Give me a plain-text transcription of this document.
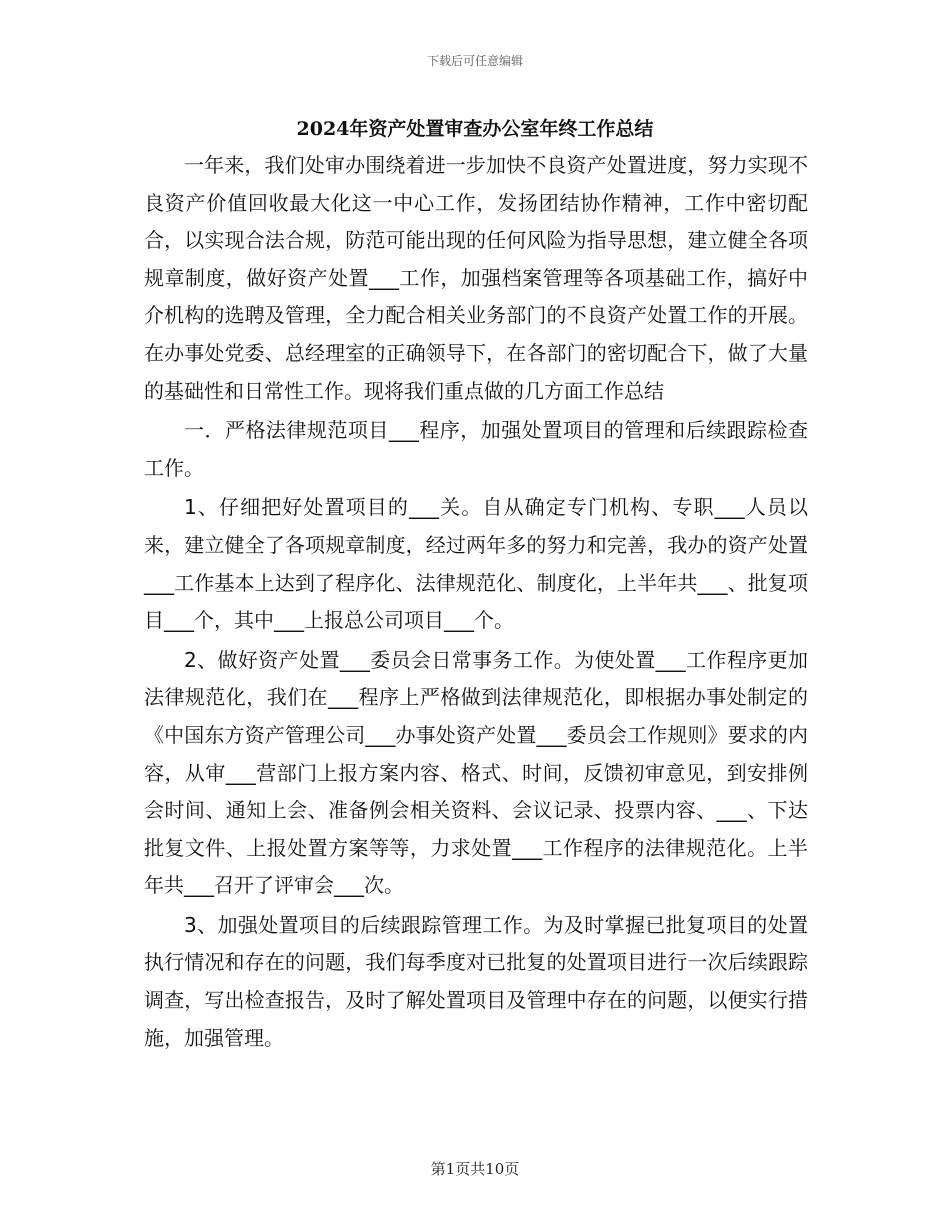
下载后可任意编辑
2024年资产处置审查办公室年终工作总结

一年来，我们处审办围绕着进一步加快不良资产处置进度，努力实现不良资产价值回收最大化这一中心工作，发扬团结协作精神，工作中密切配合，以实现合法合规，防范可能出现的任何风险为指导思想，建立健全各项规章制度，做好资产处置___工作，加强档案管理等各项基础工作，搞好中介机构的选聘及管理，全力配合相关业务部门的不良资产处置工作的开展。在办事处党委、总经理室的正确领导下，在各部门的密切配合下，做了大量的基础性和日常性工作。现将我们重点做的几方面工作总结

一．严格法律规范项目___程序，加强处置项目的管理和后续跟踪检查工作。

1、仔细把好处置项目的___关。自从确定专门机构、专职___人员以来，建立健全了各项规章制度，经过两年多的努力和完善，我办的资产处置___工作基本上达到了程序化、法律规范化、制度化，上半年共___、批复项目___个，其中___上报总公司项目___个。

2、做好资产处置___委员会日常事务工作。为使处置___工作程序更加法律规范化，我们在___程序上严格做到法律规范化，即根据办事处制定的《中国东方资产管理公司___办事处资产处置___委员会工作规则》要求的内容，从审___营部门上报方案内容、格式、时间，反馈初审意见，到安排例会时间、通知上会、准备例会相关资料、会议记录、投票内容、___、下达批复文件、上报处置方案等等，力求处置___工作程序的法律规范化。上半年共___召开了评审会___次。

3、加强处置项目的后续跟踪管理工作。为及时掌握已批复项目的处置执行情况和存在的问题，我们每季度对已批复的处置项目进行一次后续跟踪调查，写出检查报告，及时了解处置项目及管理中存在的问题，以便实行措施，加强管理。

第1页共10页
